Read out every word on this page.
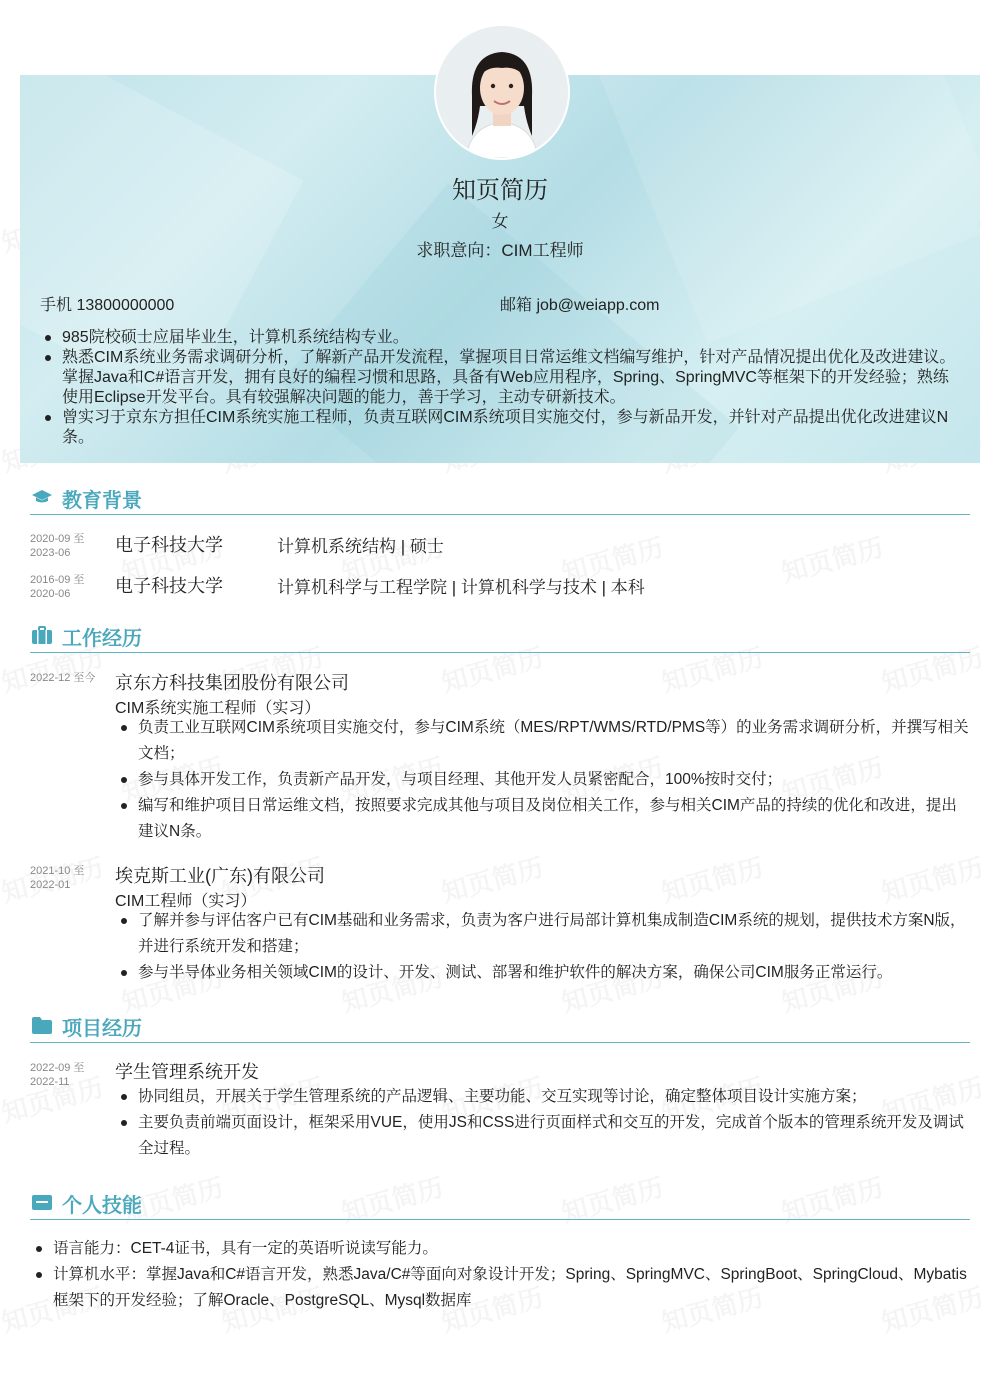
知页简历
女
求职意向：CIM工程师
手机 13800000000	邮箱 job@weiapp.com
985院校硕士应届毕业生，计算机系统结构专业。
熟悉CIM系统业务需求调研分析，了解新产品开发流程，掌握项目日常运维文档编写维护，针对产品情况提出优化及改进建议。掌握Java和C#语言开发，拥有良好的编程习惯和思路，具备有Web应用程序，Spring、SpringMVC等框架下的开发经验；熟练使用Eclipse开发平台。具有较强解决问题的能力，善于学习，主动专研新技术。
曾实习于京东方担任CIM系统实施工程师，负责互联网CIM系统项目实施交付，参与新品开发，并针对产品提出优化改进建议N条。
教育背景
2020-09 至
2023-06	电子科技大学	计算机系统结构 | 硕士
2016-09 至
2020-06	电子科技大学	计算机科学与工程学院 | 计算机科学与技术 | 本科
工作经历
2022-12 至今 京东方科技集团股份有限公司
CIM系统实施工程师（实习）
负责工业互联网CIM系统项目实施交付，参与CIM系统（MES/RPT/WMS/RTD/PMS等）的业务需求调研分析，并撰写相关文档；
参与具体开发工作，负责新产品开发，与项目经理、其他开发人员紧密配合，100%按时交付；
编写和维护项目日常运维文档，按照要求完成其他与项目及岗位相关工作，参与相关CIM产品的持续的优化和改进，提出建议N条。
2021-10 至
2022-01	埃克斯工业(广东)有限公司
CIM工程师（实习）
了解并参与评估客户已有CIM基础和业务需求，负责为客户进行局部计算机集成制造CIM系统的规划，提供技术方案N版，并进行系统开发和搭建；
参与半导体业务相关领域CIM的设计、开发、测试、部署和维护软件的解决方案，确保公司CIM服务正常运行。
项目经历
2022-09 至
2022-11	学生管理系统开发
协同组员，开展关于学生管理系统的产品逻辑、主要功能、交互实现等讨论，确定整体项目设计实施方案；
主要负责前端页面设计，框架采用VUE，使用JS和CSS进行页面样式和交互的开发，完成首个版本的管理系统开发及调试全过程。
个人技能
语言能力：CET-4证书，具有一定的英语听说读写能力。
计算机水平：掌握Java和C#语言开发，熟悉Java/C#等面向对象设计开发；Spring、SpringMVC、SpringBoot、SpringCloud、Mybatis框架下的开发经验；了解Oracle、PostgreSQL、Mysql数据库
